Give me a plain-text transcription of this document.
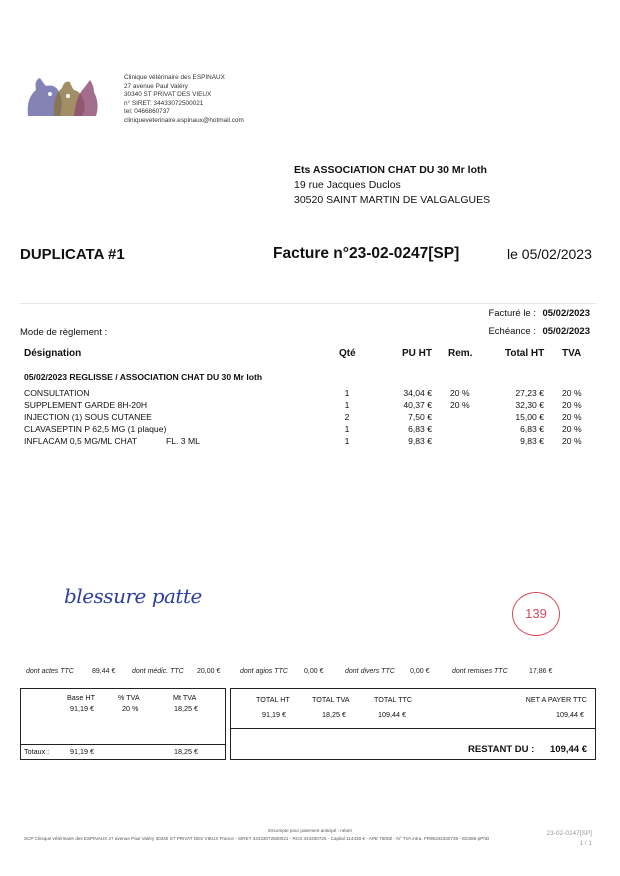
Clinique vétérinaire des ESPINAUX
27 avenue Paul Valéry
30340 ST PRIVAT DES VIEUX
n° SIRET: 34433072500021
tel: 0466860737
cliniqueveterinaire.espinaux@hotmail.com
Ets ASSOCIATION CHAT DU 30 Mr loth
19 rue Jacques Duclos
30520 SAINT MARTIN DE VALGALGUES
DUPLICATA #1	Facture n°23-02-0247[SP]	le 05/02/2023
Facturé le : 05/02/2023
Echéance : 05/02/2023
Mode de règlement :
Désignation	Qté	PU HT Rem.	Total HT TVA
05/02/2023 REGLISSE / ASSOCIATION CHAT DU 30 Mr loth
CONSULTATION	1	34,04 € 20 %	27,23 € 20 %
SUPPLEMENT GARDE 8H-20H	1	40,37 € 20 %	32,30 € 20 %
INJECTION (1) SOUS CUTANEE	2	7,50 €	15,00 € 20 %
CLAVASEPTIN P 62,5 MG (1 plaque)	1	6,83 €	6,83 € 20 %
INFLACAM 0,5 MG/ML CHAT	FL. 3 ML	1	9,83 €	9,83 € 20 %
blessure patte
139
dont actes TTC	89,44 € dont médic. TTC 20,00 €	dont agios TTC 0,00 €	dont divers TTC 0,00 €	dont remises TTC	17,86 €
Base HT	% TVA	Mt TVA
91,19 €	20 %	18,25 €
Totaux :	91,19 €	18,25 €
TOTAL HT	TOTAL TVA	TOTAL TTC
91,19 €	18,25 €	109,44 €
NET A PAYER TTC
109,44 €
RESTANT DU : 109,44 €
Escompte pour paiement anticipé : néant
SCP Clinique vétérinaire des ESPINAUX 27 avenue Paul Valéry 30340 ST PRIVAT DES VIEUX France - SIRET 34433072500021 - RCS 344330725 - Capital 114430 € - APE 7500Z - N° TVA intra. FR96344330725 - ED365-pPhD
23-02-0247[SP]
1 / 1
